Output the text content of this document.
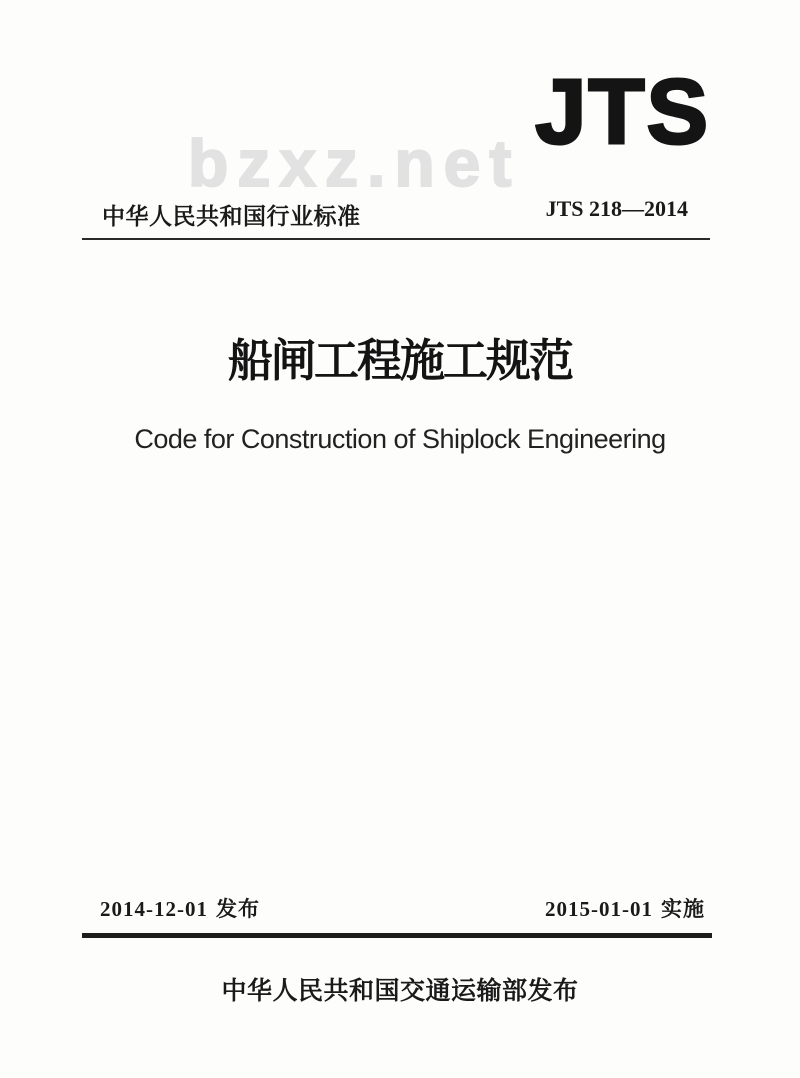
bzxz.net JTS
中华人民共和国行业标准	JTS 218—2014
船闸工程施工规范
Code for Construction of Shiplock Engineering
2014-12-01 发布	2015-01-01 实施
中华人民共和国交通运输部发布
